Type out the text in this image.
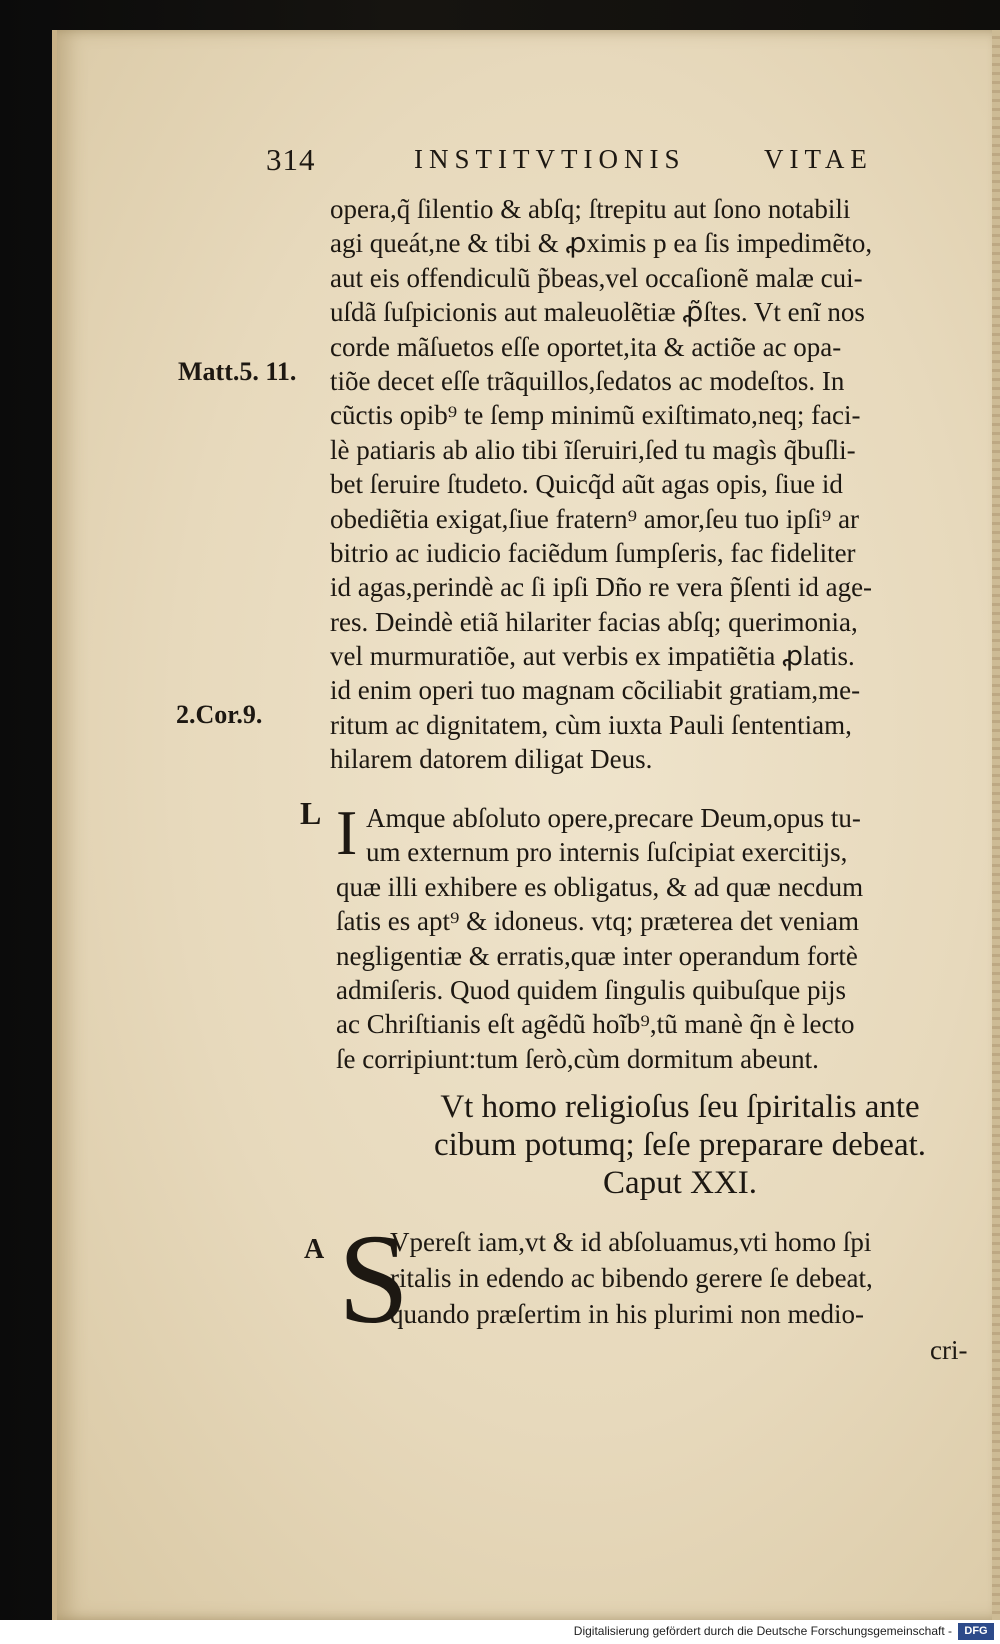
314	INSTITVTIONIS	VITAE
Matt.5. 11.
2.Cor.9.
opera,q̃ ſilentio & abſq; ſtrepitu aut ſono notabili
agi queát,ne & tibi & ꝓximis p ea ſis impedimẽto,
aut eis offendiculũ p̃beas,vel occaſionẽ malæ cui-
uſdã ſuſpicionis aut maleuolẽtiæ ꝓ̃ſtes. Vt enĩ nos
corde mãſuetos eſſe oportet,ita & actiõe ac opa-
tiõe decet eſſe trãquillos,ſedatos ac modeſtos. In
cũctis opib⁹ te ſemp minimũ exiſtimato,neq; faci-
lè patiaris ab alio tibi ĩſeruiri,ſed tu magìs q̃buſli-
bet ſeruire ſtudeto. Quicq̃d aũt agas opis, ſiue id
obediẽtia exigat,ſiue fratern⁹ amor,ſeu tuo ipſi⁹ ar
bitrio ac iudicio faciẽdum ſumpſeris, fac fideliter
id agas,perindè ac ſi ipſi Dño re vera p̃ſenti id age-
res. Deindè etiã hilariter facias abſq; querimonia,
vel murmuratiõe, aut verbis ex impatiẽtia ꝓlatis.
id enim operi tuo magnam cõciliabit gratiam,me-
ritum ac dignitatem, cùm iuxta Pauli ſententiam,
hilarem datorem diligat Deus.
L I Amque abſoluto opere,precare Deum,opus tu-
um externum pro internis ſuſcipiat exercitijs,
quæ illi exhibere es obligatus, & ad quæ necdum
ſatis es apt⁹ & idoneus. vtq; præterea det veniam
negligentiæ & erratis,quæ inter operandum fortè
admiſeris. Quod quidem ſingulis quibuſque pijs
ac Chriſtianis eſt agẽdũ hoĩb⁹,tũ manè q̃n è lecto
ſe corripiunt:tum ſerò,cùm dormitum abeunt.
Vt homo religioſus ſeu ſpiritalis ante
cibum potumq; ſeſe preparare debeat.
Caput XXI.
A S
Vpereſt iam,vt & id abſoluamus,vti homo ſpi
ritalis in edendo ac bibendo gerere ſe debeat,
quando præſertim in his plurimi non medio-
cri-
Digitalisierung gefördert durch die Deutsche Forschungsgemeinschaft -	DFG
